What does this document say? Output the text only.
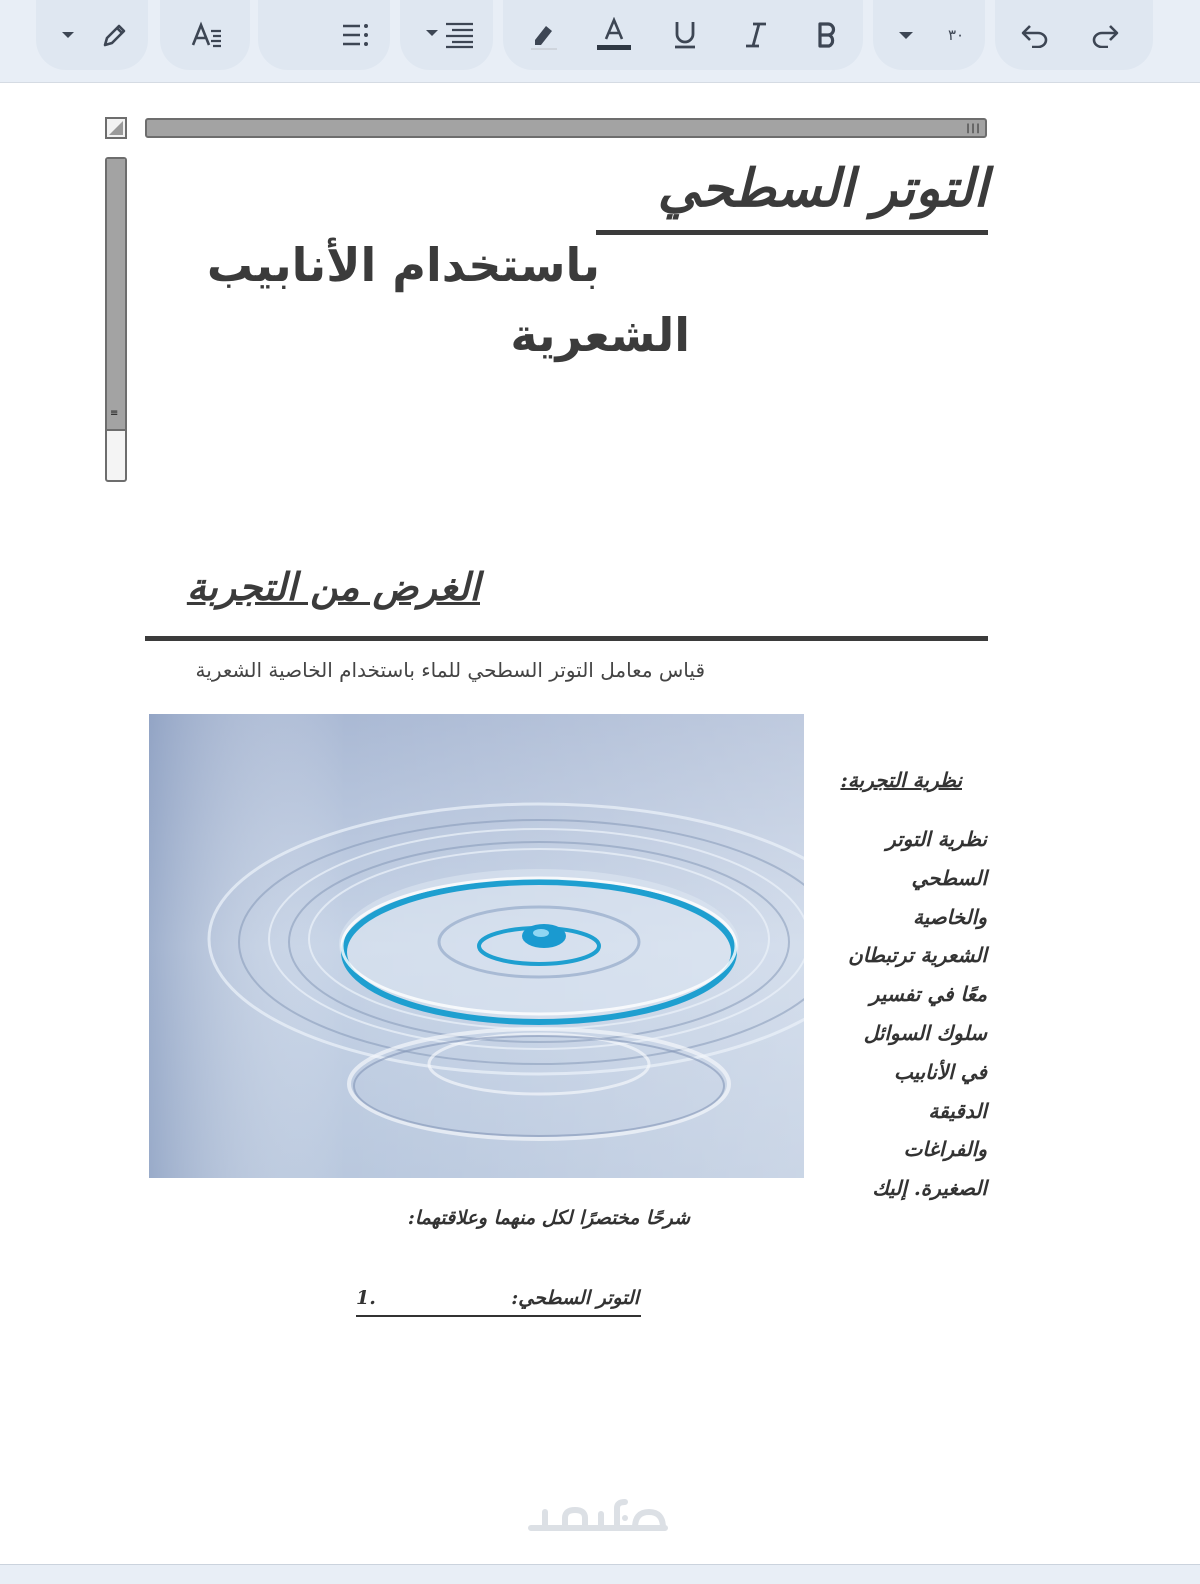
٣٠
|||
≡
التوتر السطحي
باستخدام الأنابيب
الشعرية
الغرض من التجربة
قياس معامل التوتر السطحي للماء باستخدام الخاصية الشعرية
نظرية التجربة:
نظرية التوتر
السطحي
والخاصية
الشعرية ترتبطان
معًا في تفسير
سلوك السوائل
في الأنابيب
الدقيقة
والفراغات
الصغيرة. إليك
شرحًا مختصرًا لكل منهما وعلاقتهما:
1.	التوتر السطحي:
